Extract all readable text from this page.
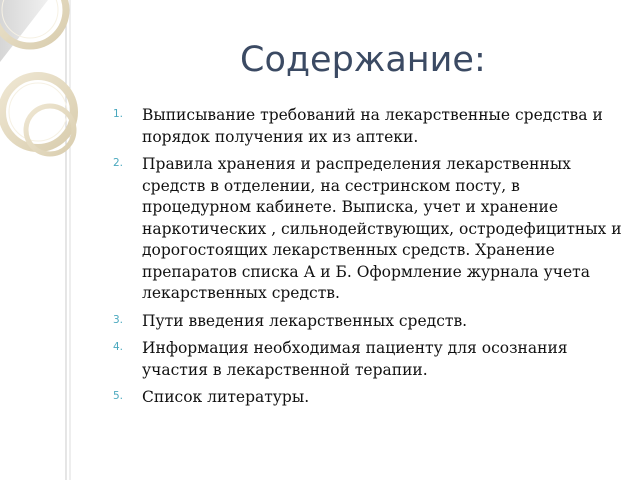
Содержание:
1. Выписывание требований на лекарственные средства и порядок получения их из аптеки.
2. Правила хранения и распределения лекарственных средств в отделении, на сестринском посту, в процедурном кабинете. Выписка, учет и хранение наркотических , сильнодействующих, остродефицитных и дорогостоящих лекарственных средств. Хранение препаратов списка А и Б. Оформление журнала учета лекарственных средств.
3. Пути введения лекарственных средств.
4. Информация необходимая пациенту для осознания участия в лекарственной терапии.
5. Список литературы.
